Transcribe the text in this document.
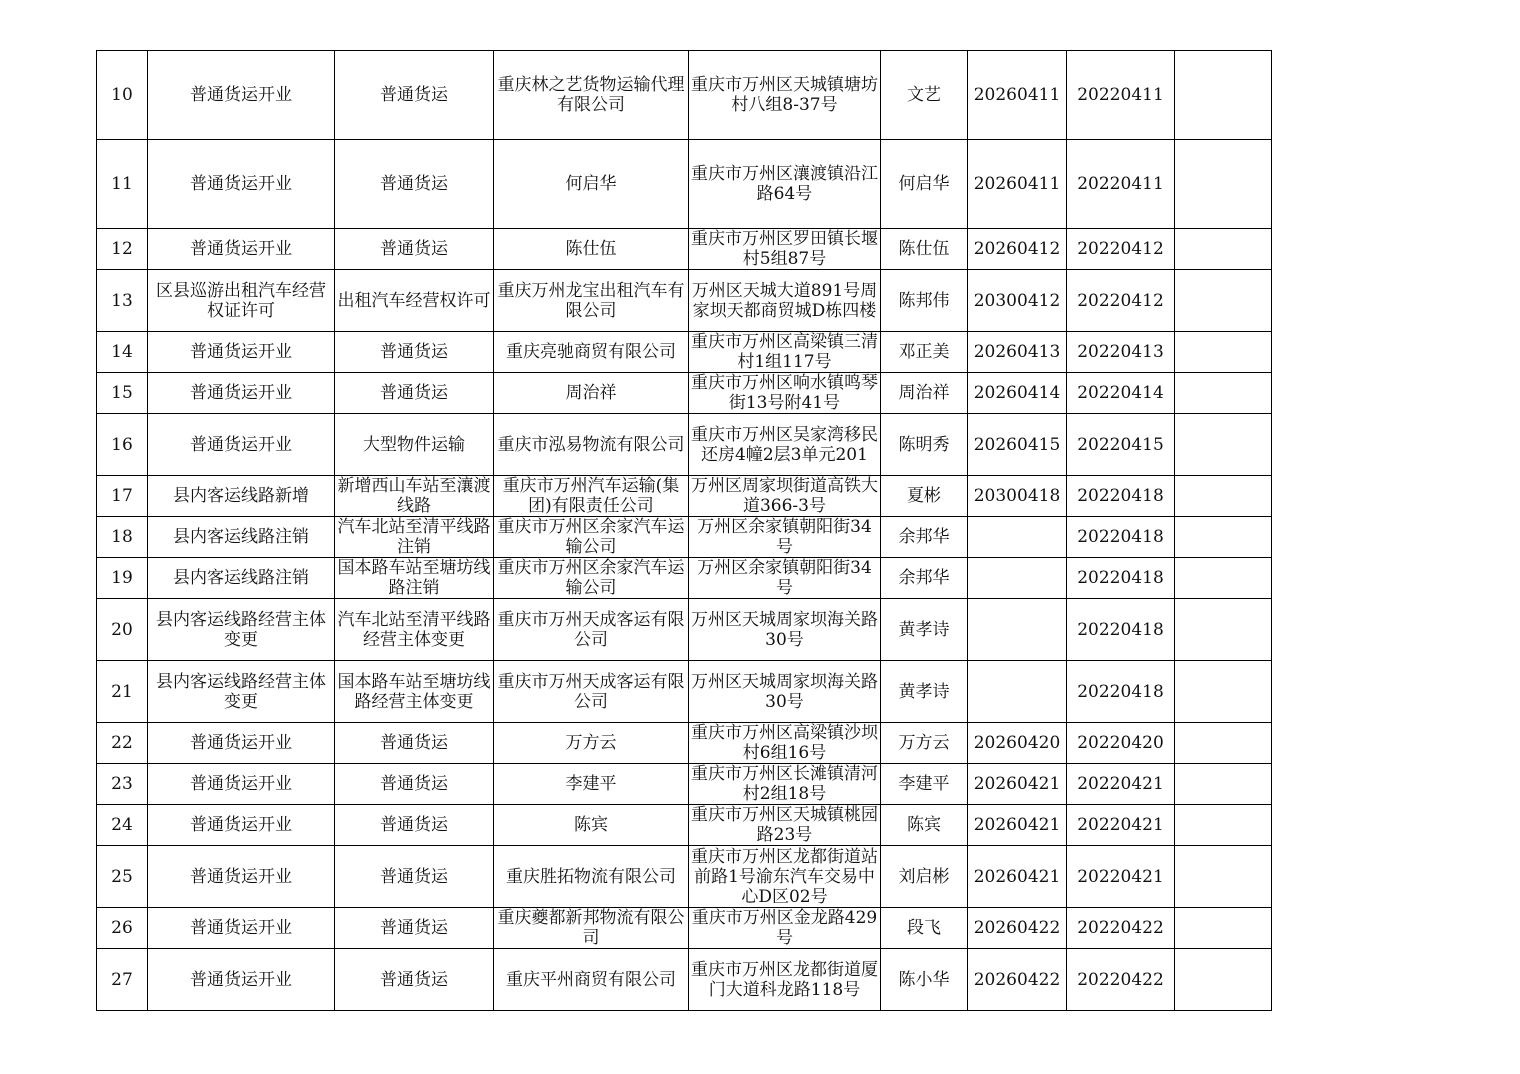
10	普通货运开业	普通货运	重庆林之艺货物运输代理有限公司	重庆市万州区天城镇塘坊村八组8-37号	文艺	20260411	20220411	
11	普通货运开业	普通货运	何启华	重庆市万州区瀼渡镇沿江路64号	何启华	20260411	20220411	
12	普通货运开业	普通货运	陈仕伍	重庆市万州区罗田镇长堰村5组87号	陈仕伍	20260412	20220412	
13	区县巡游出租汽车经营权证许可	出租汽车经营权许可	重庆万州龙宝出租汽车有限公司	万州区天城大道891号周家坝天都商贸城D栋四楼	陈邦伟	20300412	20220412	
14	普通货运开业	普通货运	重庆亮驰商贸有限公司	重庆市万州区高梁镇三清村1组117号	邓正美	20260413	20220413	
15	普通货运开业	普通货运	周治祥	重庆市万州区响水镇鸣琴街13号附41号	周治祥	20260414	20220414	
16	普通货运开业	大型物件运输	重庆市泓易物流有限公司	重庆市万州区吴家湾移民还房4幢2层3单元201	陈明秀	20260415	20220415	
17	县内客运线路新增	新增西山车站至瀼渡线路	重庆市万州汽车运输(集团)有限责任公司	万州区周家坝街道高铁大道366-3号	夏彬	20300418	20220418	
18	县内客运线路注销	汽车北站至清平线路注销	重庆市万州区余家汽车运输公司	万州区余家镇朝阳街34号	余邦华		20220418	
19	县内客运线路注销	国本路车站至塘坊线路注销	重庆市万州区余家汽车运输公司	万州区余家镇朝阳街34号	余邦华		20220418	
20	县内客运线路经营主体变更	汽车北站至清平线路经营主体变更	重庆市万州天成客运有限公司	万州区天城周家坝海关路30号	黄孝诗		20220418	
21	县内客运线路经营主体变更	国本路车站至塘坊线路经营主体变更	重庆市万州天成客运有限公司	万州区天城周家坝海关路30号	黄孝诗		20220418	
22	普通货运开业	普通货运	万方云	重庆市万州区高梁镇沙坝村6组16号	万方云	20260420	20220420	
23	普通货运开业	普通货运	李建平	重庆市万州区长滩镇清河村2组18号	李建平	20260421	20220421	
24	普通货运开业	普通货运	陈宾	重庆市万州区天城镇桃园路23号	陈宾	20260421	20220421	
25	普通货运开业	普通货运	重庆胜拓物流有限公司	重庆市万州区龙都街道站前路1号渝东汽车交易中心D区02号	刘启彬	20260421	20220421	
26	普通货运开业	普通货运	重庆夔都新邦物流有限公司	重庆市万州区金龙路429号	段飞	20260422	20220422	
27	普通货运开业	普通货运	重庆平州商贸有限公司	重庆市万州区龙都街道厦门大道科龙路118号	陈小华	20260422	20220422	
